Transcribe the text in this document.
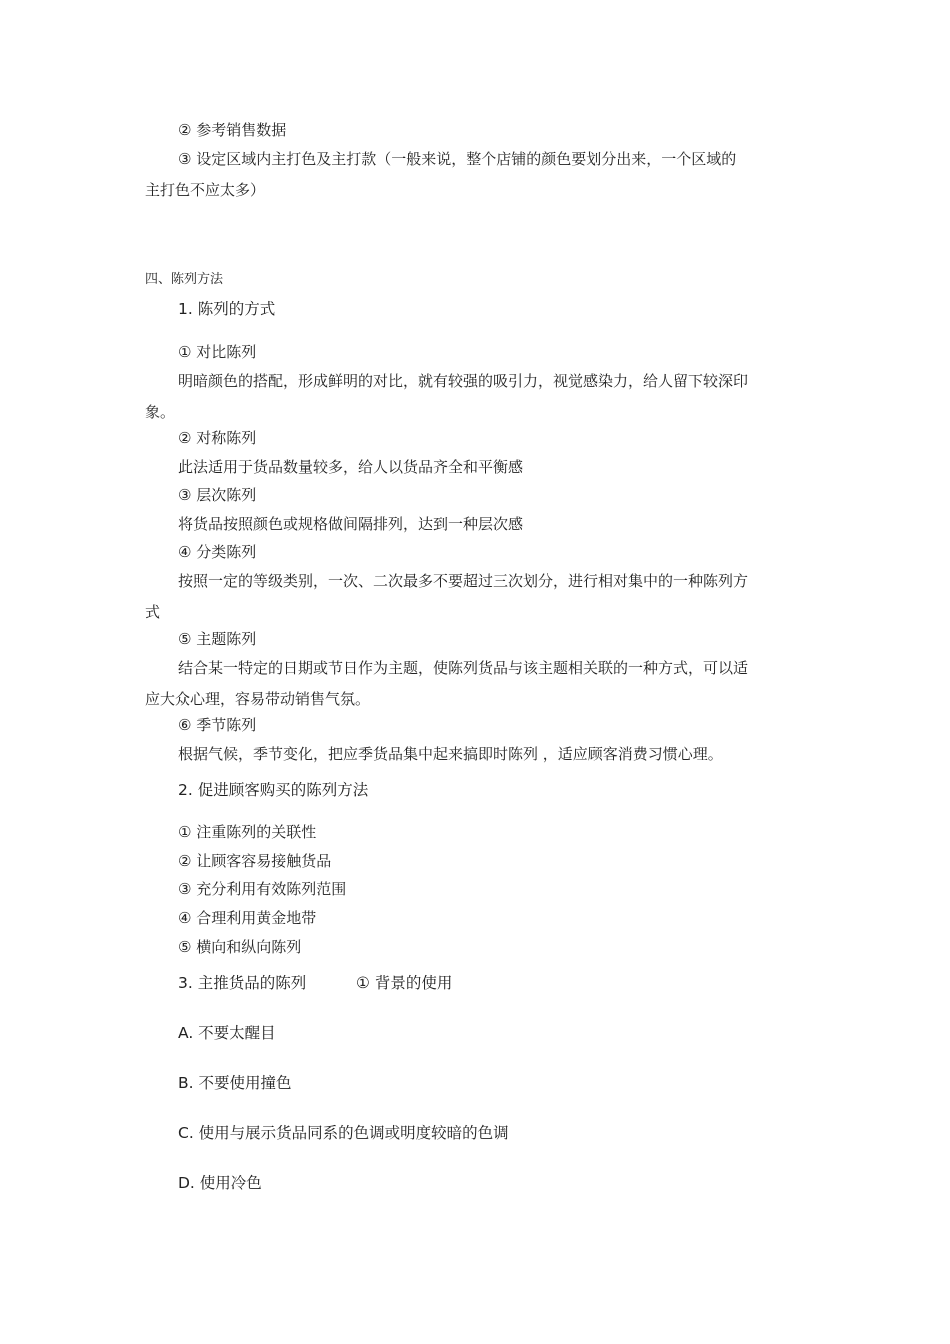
② 参考销售数据
③ 设定区域内主打色及主打款（一般来说，整个店铺的颜色要划分出来，一个区域的
主打色不应太多）
四、陈列方法
1. 陈列的方式
① 对比陈列
明暗颜色的搭配，形成鲜明的对比，就有较强的吸引力，视觉感染力，给人留下较深印
象。
② 对称陈列
此法适用于货品数量较多，给人以货品齐全和平衡感
③ 层次陈列
将货品按照颜色或规格做间隔排列，达到一种层次感
④ 分类陈列
按照一定的等级类别，一次、二次最多不要超过三次划分，进行相对集中的一种陈列方
式
⑤ 主题陈列
结合某一特定的日期或节日作为主题，使陈列货品与该主题相关联的一种方式，可以适
应大众心理，容易带动销售气氛。
⑥ 季节陈列
根据气候，季节变化，把应季货品集中起来搞即时陈列 ，适应顾客消费习惯心理。
2. 促进顾客购买的陈列方法
① 注重陈列的关联性
② 让顾客容易接触货品
③ 充分利用有效陈列范围
④ 合理利用黄金地带
⑤ 横向和纵向陈列
3. 主推货品的陈列	① 背景的使用
A. 不要太醒目
B. 不要使用撞色
C. 使用与展示货品同系的色调或明度较暗的色调
D. 使用冷色
